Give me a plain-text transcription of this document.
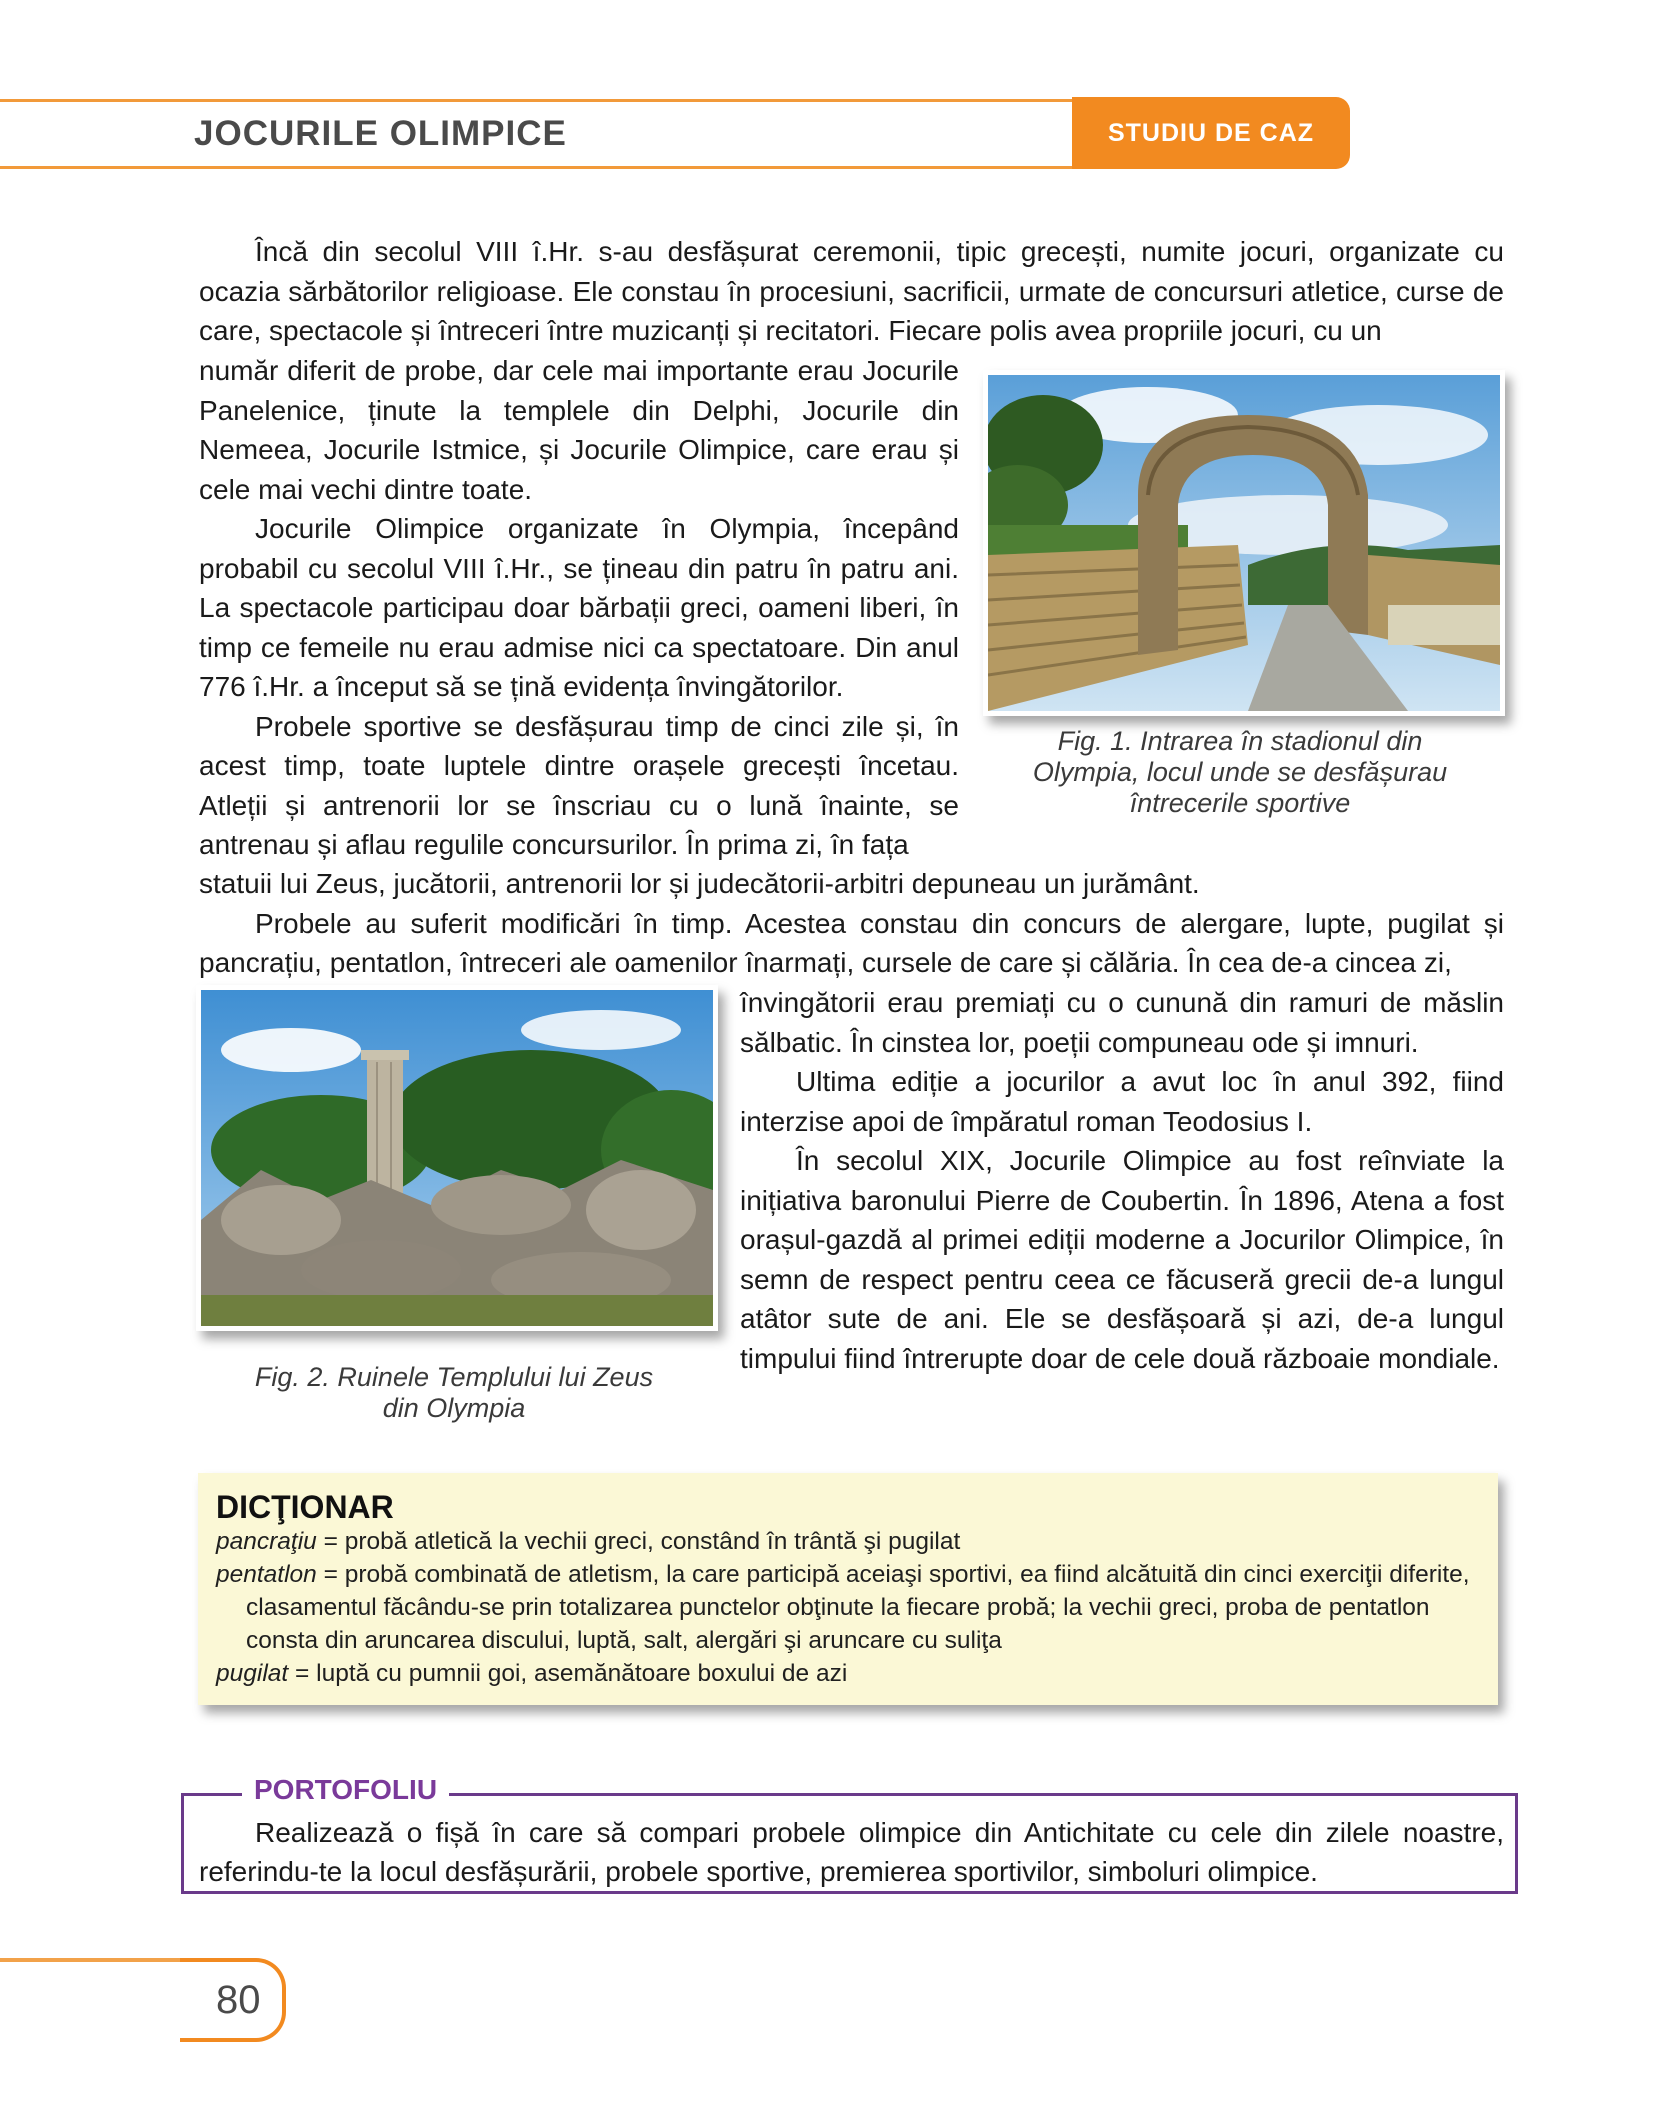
JOCURILE OLIMPICE	STUDIU DE CAZ

Încă din secolul VIII î.Hr. s-au desfășurat ceremonii, tipic grecești, numite jocuri, organizate cu ocazia sărbătorilor religioase. Ele constau în procesiuni, sacrificii, urmate de concursuri atletice, curse de care, spectacole și întreceri între muzicanți și recitatori. Fiecare polis avea propriile jocuri, cu un

număr diferit de probe, dar cele mai importante erau Jocurile Panelenice, ținute la templele din Delphi, Jocurile din Nemeea, Jocurile Istmice, și Jocurile Olimpice, care erau și cele mai vechi dintre toate.

Jocurile Olimpice organizate în Olympia, începând probabil cu secolul VIII î.Hr., se țineau din patru în patru ani. La spectacole participau doar bărbații greci, oameni liberi, în timp ce femeile nu erau admise nici ca spectatoare. Din anul 776 î.Hr. a început să se țină evidența învingătorilor.

Probele sportive se desfășurau timp de cinci zile și, în acest timp, toate luptele dintre orașele grecești încetau. Atleții și antrenorii lor se înscriau cu o lună înainte, se antrenau și aflau regulile concursurilor. În prima zi, în fața

statuii lui Zeus, jucătorii, antrenorii lor și judecătorii-arbitri depuneau un jurământ.

Probele au suferit modificări în timp. Acestea constau din concurs de alergare, lupte, pugilat și pancrațiu, pentatlon, întreceri ale oamenilor înarmați, cursele de care și călăria. În cea de-a cincea zi,

învingătorii erau premiați cu o cunună din ramuri de măslin sălbatic. În cinstea lor, poeții compuneau ode și imnuri.

Ultima ediție a jocurilor a avut loc în anul 392, fiind interzise apoi de împăratul roman Teodosius I.

În secolul XIX, Jocurile Olimpice au fost reînviate la inițiativa baronului Pierre de Coubertin. În 1896, Atena a fost orașul-gazdă al primei ediții moderne a Jocurilor Olimpice, în semn de respect pentru ceea ce făcuseră grecii de-a lungul atâtor sute de ani. Ele se desfășoară și azi, de-a lungul timpului fiind întrerupte doar de cele două războaie mondiale.

Fig. 1. Intrarea în stadionul din Olympia, locul unde se desfășurau întrecerile sportive
Fig. 2. Ruinele Templului lui Zeus din Olympia
DICŢIONAR

pancraţiu = probă atletică la vechii greci, constând în trântă şi pugilat

pentatlon = probă combinată de atletism, la care participă aceiaşi sportivi, ea fiind alcătuită din cinci exerciţii diferite, clasamentul făcându-se prin totalizarea punctelor obţinute la fiecare probă; la vechii greci, proba de pentatlon consta din aruncarea discului, luptă, salt, alergări şi aruncare cu suliţa

pugilat = luptă cu pumnii goi, asemănătoare boxului de azi

PORTOFOLIU

Realizează o fișă în care să compari probele olimpice din Antichitate cu cele din zilele noastre, referindu-te la locul desfășurării, probele sportive, premierea sportivilor, simboluri olimpice.

80
